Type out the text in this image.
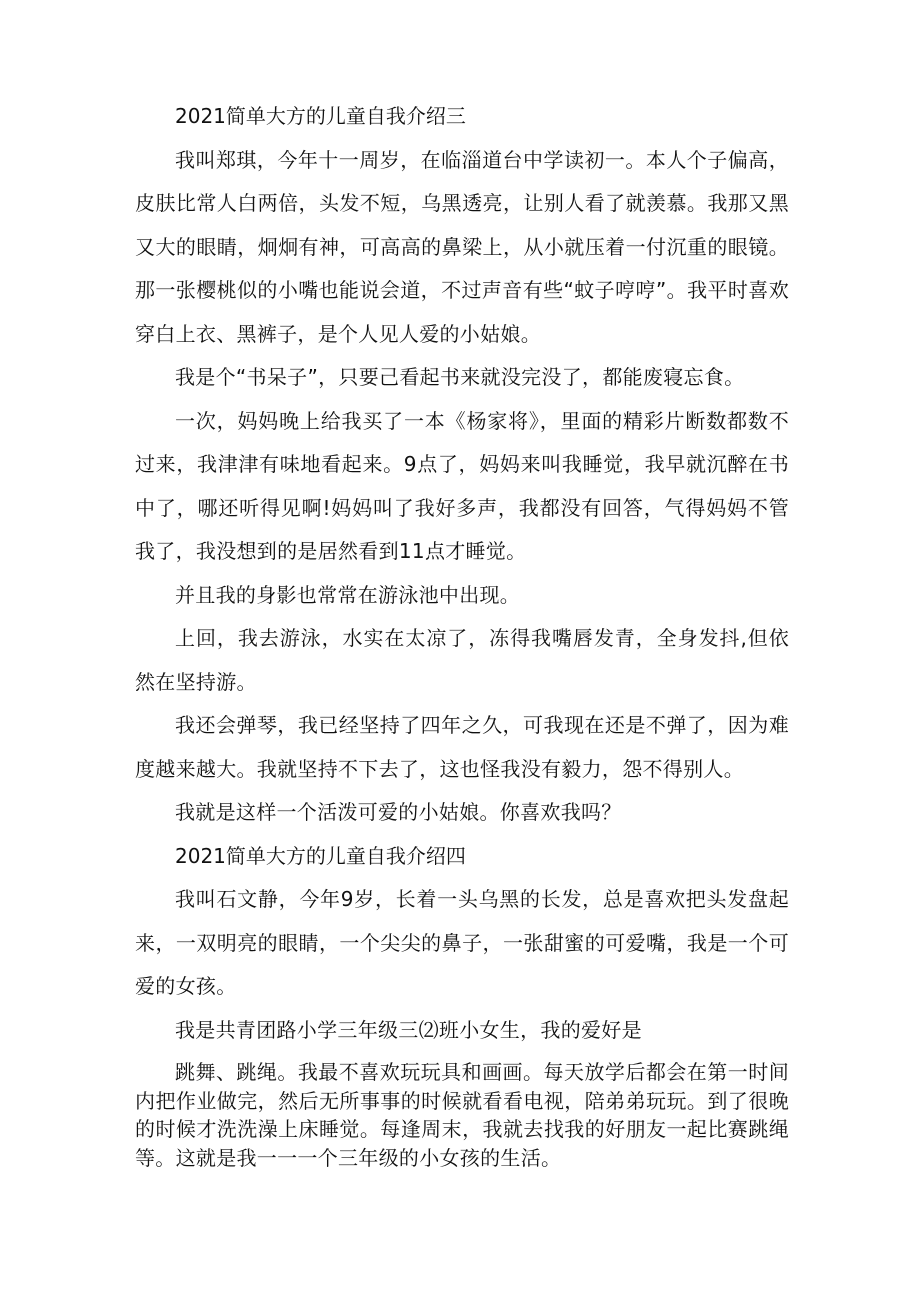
2021简单大方的儿童自我介绍三

我叫郑琪，今年十一周岁，在临淄道台中学读初一。本人个子偏高，皮肤比常人白两倍，头发不短，乌黑透亮，让别人看了就羡慕。我那又黑又大的眼睛，炯炯有神，可高高的鼻梁上，从小就压着一付沉重的眼镜。那一张樱桃似的小嘴也能说会道，不过声音有些“蚊子哼哼”。我平时喜欢穿白上衣、黑裤子，是个人见人爱的小姑娘。

我是个“书呆子”，只要己看起书来就没完没了，都能废寝忘食。

一次，妈妈晚上给我买了一本《杨家将》，里面的精彩片断数都数不过来，我津津有味地看起来。9点了，妈妈来叫我睡觉，我早就沉醉在书中了，哪还听得见啊!妈妈叫了我好多声，我都没有回答，气得妈妈不管我了，我没想到的是居然看到11点才睡觉。

并且我的身影也常常在游泳池中出现。

上回，我去游泳，水实在太凉了，冻得我嘴唇发青，全身发抖,但依然在坚持游。

我还会弹琴，我已经坚持了四年之久，可我现在还是不弹了，因为难度越来越大。我就坚持不下去了，这也怪我没有毅力，怨不得别人。

我就是这样一个活泼可爱的小姑娘。你喜欢我吗？

2021简单大方的儿童自我介绍四

我叫石文静，今年9岁，长着一头乌黑的长发，总是喜欢把头发盘起来，一双明亮的眼睛，一个尖尖的鼻子，一张甜蜜的可爱嘴，我是一个可爱的女孩。

我是共青团路小学三年级三⑵班小女生，我的爱好是

跳舞、跳绳。我最不喜欢玩玩具和画画。每天放学后都会在第一时间内把作业做完，然后无所事事的时候就看看电视，陪弟弟玩玩。到了很晚的时候才洗洗澡上床睡觉。每逢周末，我就去找我的好朋友一起比赛跳绳等。这就是我一一一个三年级的小女孩的生活。
